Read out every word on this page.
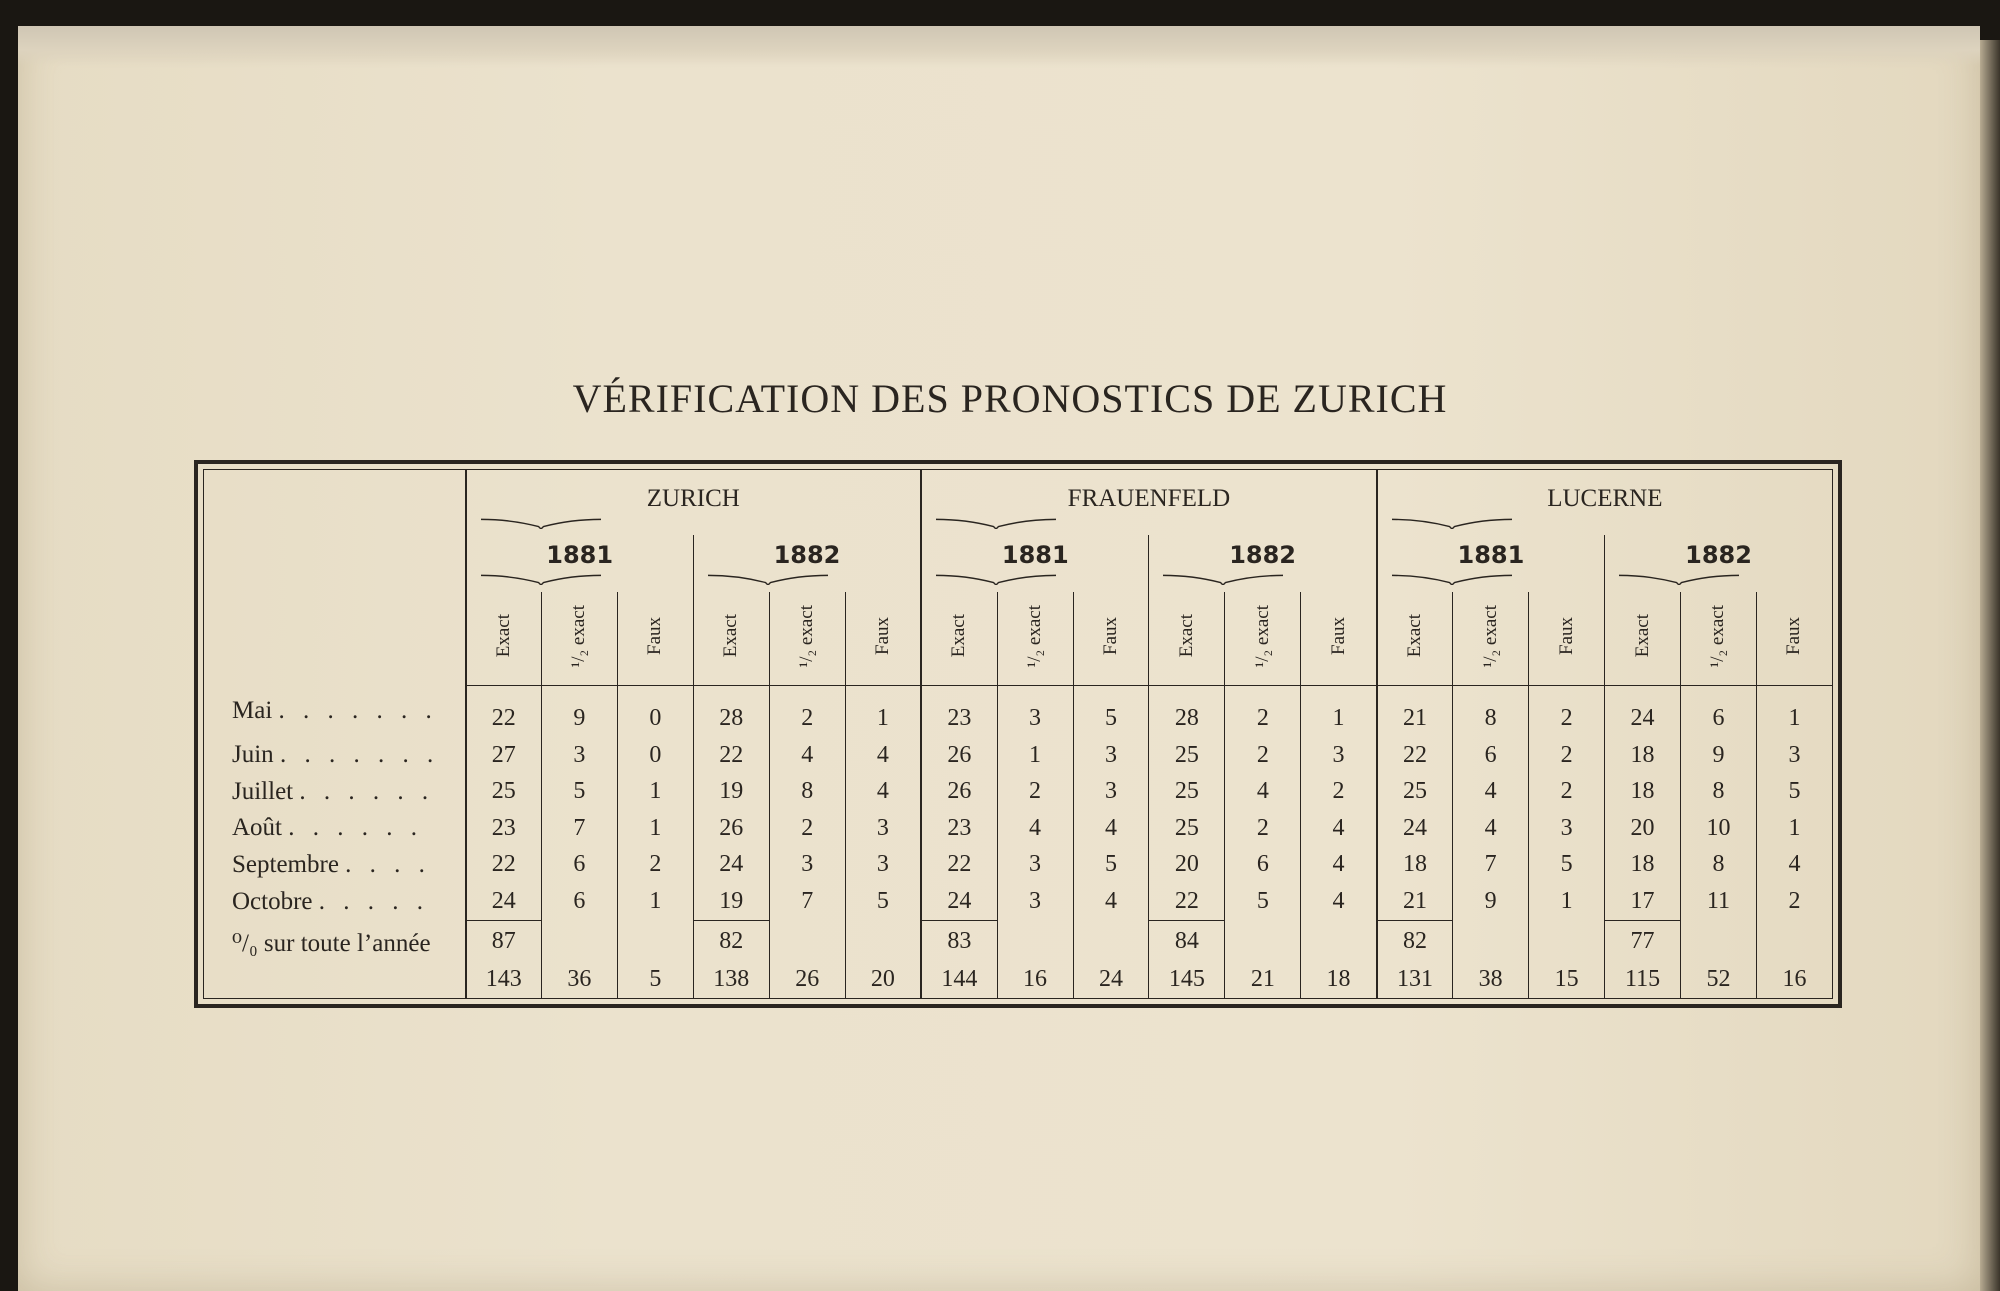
VÉRIFICATION DES PRONOSTICS DE ZURICH
	ZURICH						FRAUENFELD						LUCERNE					

	1881			1882			1881			1882			1881			1882		

	Exact	¹/₂ exact	Faux	Exact	¹/₂ exact	Faux	Exact	¹/₂ exact	Faux	Exact	¹/₂ exact	Faux	Exact	¹/₂ exact	Faux	Exact	¹/₂ exact	Faux
Mai . . . . . . .	22	9	0	28	2	1	23	3	5	28	2	1	21	8	2	24	6	1
Juin . . . . . . .	27	3	0	22	4	4	26	1	3	25	2	3	22	6	2	18	9	3
Juillet . . . . . .	25	5	1	19	8	4	26	2	3	25	4	2	25	4	2	18	8	5
Août . . . . . .	23	7	1	26	2	3	23	4	4	25	2	4	24	4	3	20	10	1
Septembre . . . .	22	6	2	24	3	3	22	3	5	20	6	4	18	7	5	18	8	4
Octobre . . . . .	24	6	1	19	7	5	24	3	4	22	5	4	21	9	1	17	11	2
⁰/₀ sur toute l’année	87			82			83			84			82			77		
	143	36	5	138	26	20	144	16	24	145	21	18	131	38	15	115	52	16
